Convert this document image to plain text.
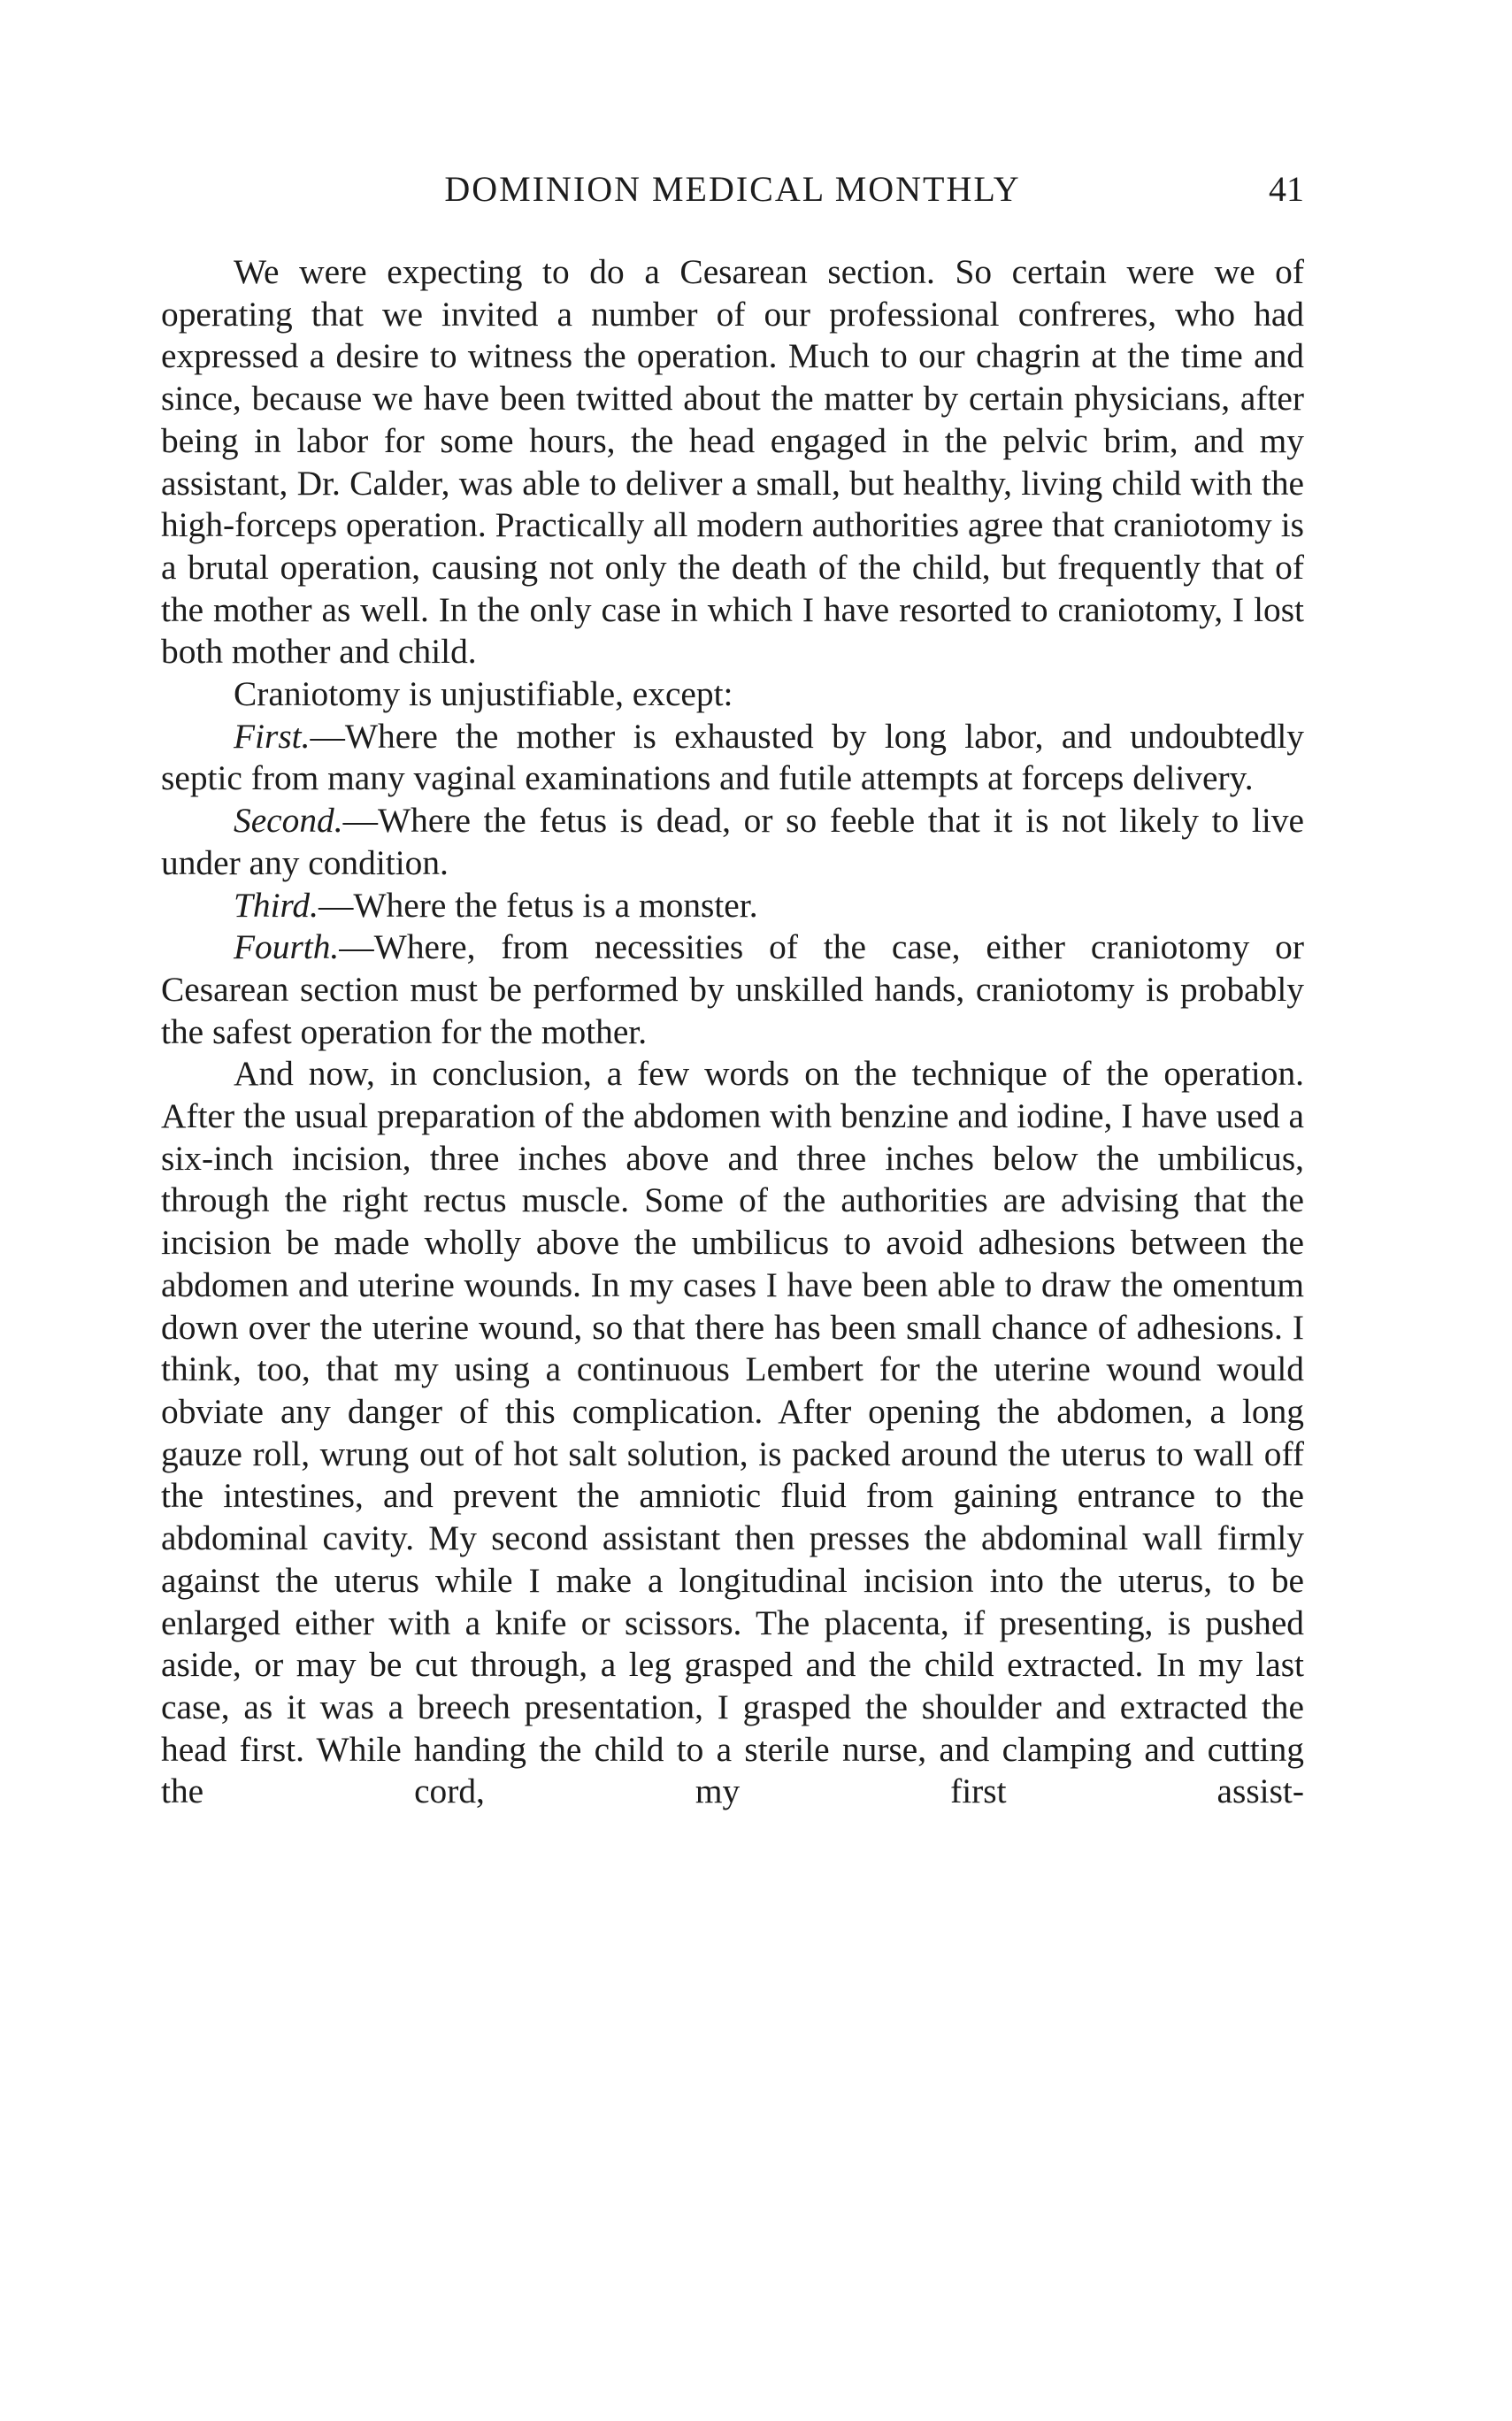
DOMINION MEDICAL MONTHLY	41

We were expecting to do a Cesarean section. So certain were we of operating that we invited a number of our professional confreres, who had expressed a desire to witness the operation. Much to our chagrin at the time and since, because we have been twitted about the matter by certain physicians, after being in labor for some hours, the head engaged in the pelvic brim, and my assistant, Dr. Calder, was able to deliver a small, but healthy, living child with the high-forceps operation. Practically all modern authorities agree that craniotomy is a brutal operation, causing not only the death of the child, but frequently that of the mother as well. In the only case in which I have resorted to craniotomy, I lost both mother and child.

Craniotomy is unjustifiable, except:

First.—Where the mother is exhausted by long labor, and undoubtedly septic from many vaginal examinations and futile attempts at forceps delivery.

Second.—Where the fetus is dead, or so feeble that it is not likely to live under any condition.

Third.—Where the fetus is a monster.

Fourth.—Where, from necessities of the case, either craniotomy or Cesarean section must be performed by unskilled hands, craniotomy is probably the safest operation for the mother.

And now, in conclusion, a few words on the technique of the operation. After the usual preparation of the abdomen with benzine and iodine, I have used a six-inch incision, three inches above and three inches below the umbilicus, through the right rectus muscle. Some of the authorities are advising that the incision be made wholly above the umbilicus to avoid adhesions between the abdomen and uterine wounds. In my cases I have been able to draw the omentum down over the uterine wound, so that there has been small chance of adhesions. I think, too, that my using a continuous Lembert for the uterine wound would obviate any danger of this complication. After opening the abdomen, a long gauze roll, wrung out of hot salt solution, is packed around the uterus to wall off the intestines, and prevent the amniotic fluid from gaining entrance to the abdominal cavity. My second assistant then presses the abdominal wall firmly against the uterus while I make a longitudinal incision into the uterus, to be enlarged either with a knife or scissors. The placenta, if presenting, is pushed aside, or may be cut through, a leg grasped and the child extracted. In my last case, as it was a breech presentation, I grasped the shoulder and extracted the head first. While handing the child to a sterile nurse, and clamping and cutting the cord, my first assist-
